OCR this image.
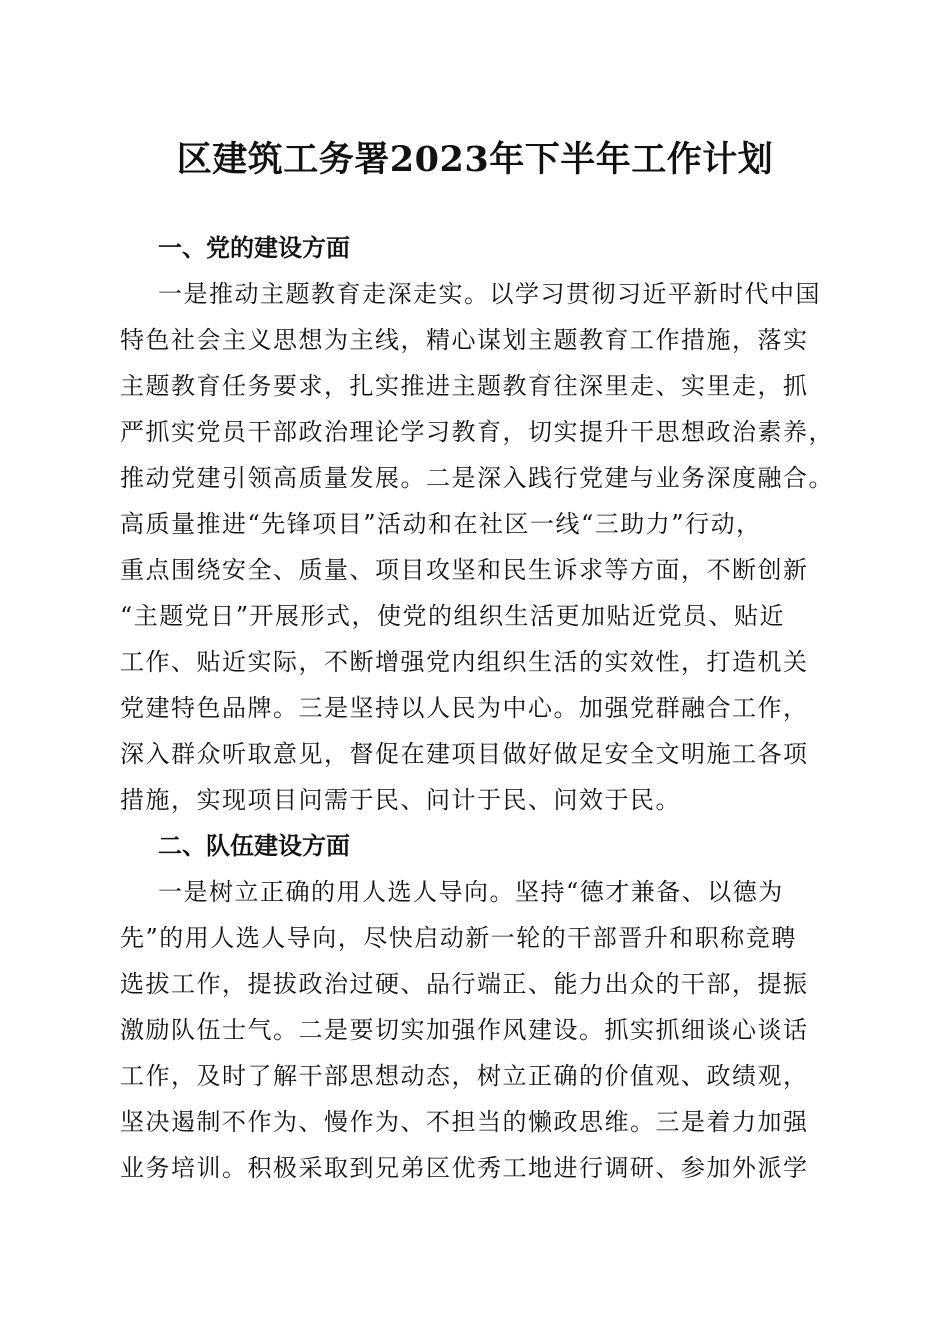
区建筑工务署2023年下半年工作计划
一、党的建设方面
一是推动主题教育走深走实。以学习贯彻习近平新时代中国
特色社会主义思想为主线，精心谋划主题教育工作措施，落实
主题教育任务要求，扎实推进主题教育往深里走、实里走，抓
严抓实党员干部政治理论学习教育，切实提升干思想政治素养，
推动党建引领高质量发展。二是深入践行党建与业务深度融合。
高质量推进“先锋项目”活动和在社区一线“三助力”行动，
重点围绕安全、质量、项目攻坚和民生诉求等方面，不断创新
“主题党日”开展形式，使党的组织生活更加贴近党员、贴近
工作、贴近实际，不断增强党内组织生活的实效性，打造机关
党建特色品牌。三是坚持以人民为中心。加强党群融合工作，
深入群众听取意见，督促在建项目做好做足安全文明施工各项
措施，实现项目问需于民、问计于民、问效于民。
二、队伍建设方面
一是树立正确的用人选人导向。坚持“德才兼备、以德为
先”的用人选人导向，尽快启动新一轮的干部晋升和职称竞聘
选拔工作，提拔政治过硬、品行端正、能力出众的干部，提振
激励队伍士气。二是要切实加强作风建设。抓实抓细谈心谈话
工作，及时了解干部思想动态，树立正确的价值观、政绩观，
坚决遏制不作为、慢作为、不担当的懒政思维。三是着力加强
业务培训。积极采取到兄弟区优秀工地进行调研、参加外派学
